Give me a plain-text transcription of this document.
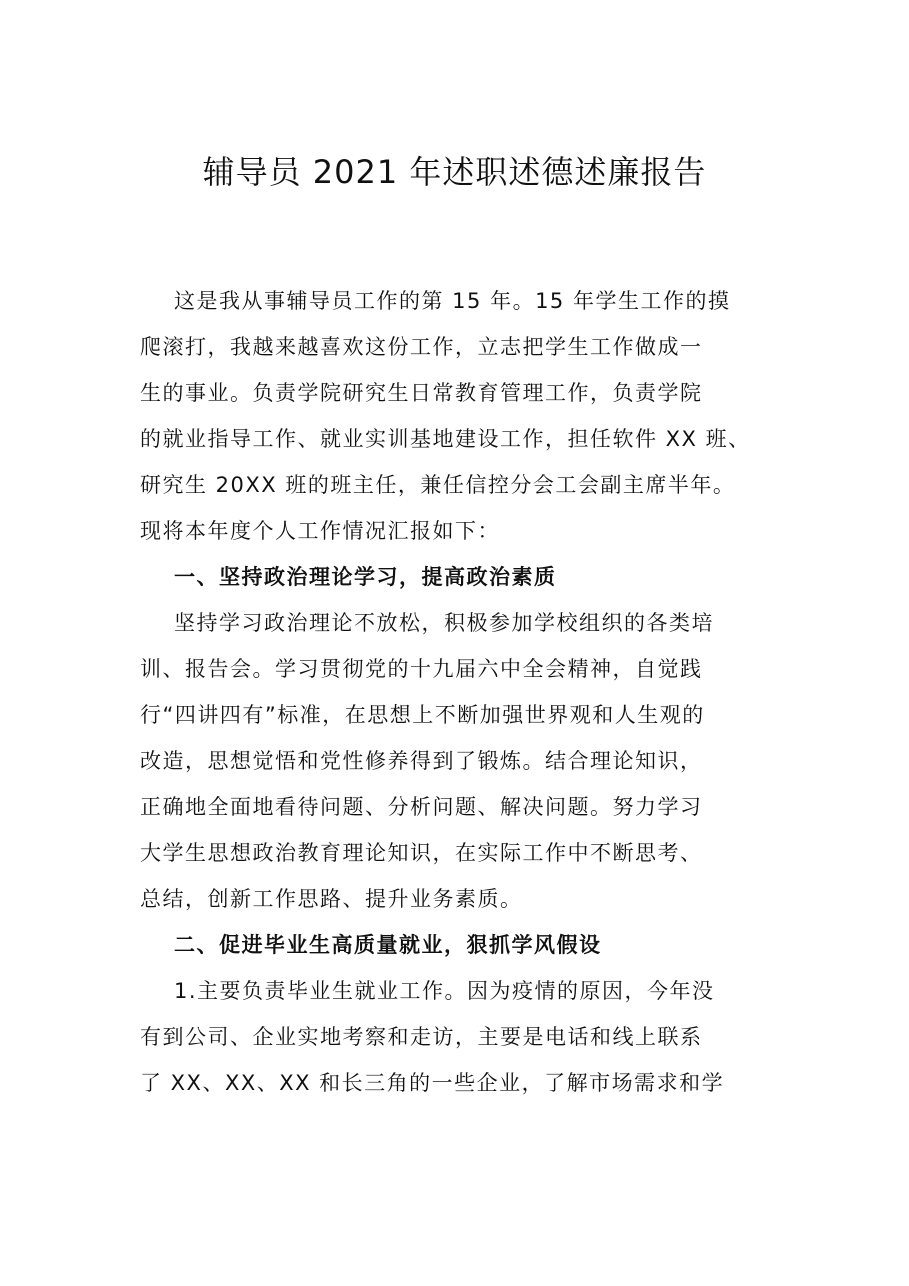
辅导员 2021 年述职述德述廉报告
这是我从事辅导员工作的第 15 年。15 年学生工作的摸
爬滚打，我越来越喜欢这份工作，立志把学生工作做成一
生的事业。负责学院研究生日常教育管理工作，负责学院
的就业指导工作、就业实训基地建设工作，担任软件 XX 班、
研究生 20XX 班的班主任，兼任信控分会工会副主席半年。
现将本年度个人工作情况汇报如下：
一、坚持政治理论学习，提高政治素质
坚持学习政治理论不放松，积极参加学校组织的各类培
训、报告会。学习贯彻党的十九届六中全会精神，自觉践
行“四讲四有”标准，在思想上不断加强世界观和人生观的
改造，思想觉悟和党性修养得到了锻炼。结合理论知识，
正确地全面地看待问题、分析问题、解决问题。努力学习
大学生思想政治教育理论知识，在实际工作中不断思考、
总结，创新工作思路、提升业务素质。
二、促进毕业生高质量就业，狠抓学风假设
1.主要负责毕业生就业工作。因为疫情的原因，今年没
有到公司、企业实地考察和走访，主要是电话和线上联系
了 XX、XX、XX 和长三角的一些企业，了解市场需求和学
